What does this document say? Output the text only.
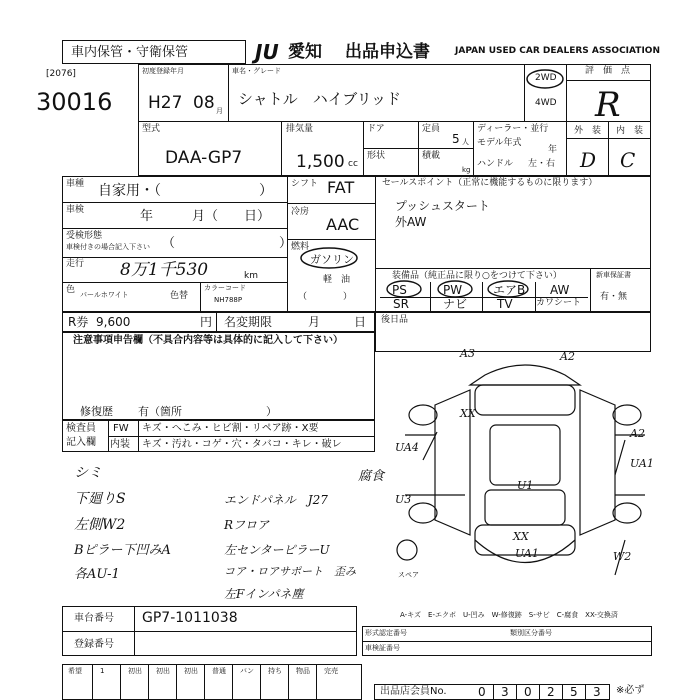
車内保管・守衛保管	JU 愛知 出品申込書	JAPAN USED CAR DEALERS ASSOCIATION
[2076]
30016
初度登録年月
H27 08 月
車名・グレード
シャトル　ハイブリッド
2WD
4WD
評　価　点
R
外　装 内　装
D C
型式
DAA-GP7
排気量
1,500 cc
ドア
形状
定員
5 人
積載
kg
ディーラー・並行
モデル年式
年
ハンドル 左・右
車種 自家用・（　　　　　　　）
車検	年　　　月（　　日）
受検形態
車検付きの場合記入下さい （　　　　　　　　）
走行 8万1千530	km
色 パールホワイト	色替
カラーコード
NH788P
シフト FAT
冷房
AAC
燃料
ガソリン
軽　油
（　　　　）
セールスポイント（正常に機能するものに限ります）
プッシュスタート
外AW
装備品（純正品に限り○をつけて下さい）
PS	PW	エアB AW
SR	ナビ TV	カワシート
新車保証書
有・無
R券 9,600	円 名変期限	月	日
注意事項申告欄（不具合内容等は具体的に記入して下さい）
修復歴 有（箇所	）
後日品
検査員
記入欄
FW キズ・へこみ・ヒビ割・リペア跡・X要
内装 キズ・汚れ・コゲ・穴・タバコ・キレ・破レ
シミ
下廻りS
左側W2
Bピラー下凹みA
各AU-1
腐食
エンドパネル　J27
Rフロア
左センターピラーU
コア・ロアサポート　歪み
左Fインパネ塵
A3	A2
XX
UA4
A2
UA1
U1
U3
XX
UA1	W2
スペア
A-キズ　E-エクボ　U-凹み　W-修復跡　S-サビ　C-腐食　XX-交換済
車台番号 GP7-1011038
登録番号
形式認定番号	類別区分番号
車検証番号
希望	1	初出 初出 初出 普通 バン 持ち 物品 完売
出品店会員No.	0 3 0 2 5 3 ※必ず
